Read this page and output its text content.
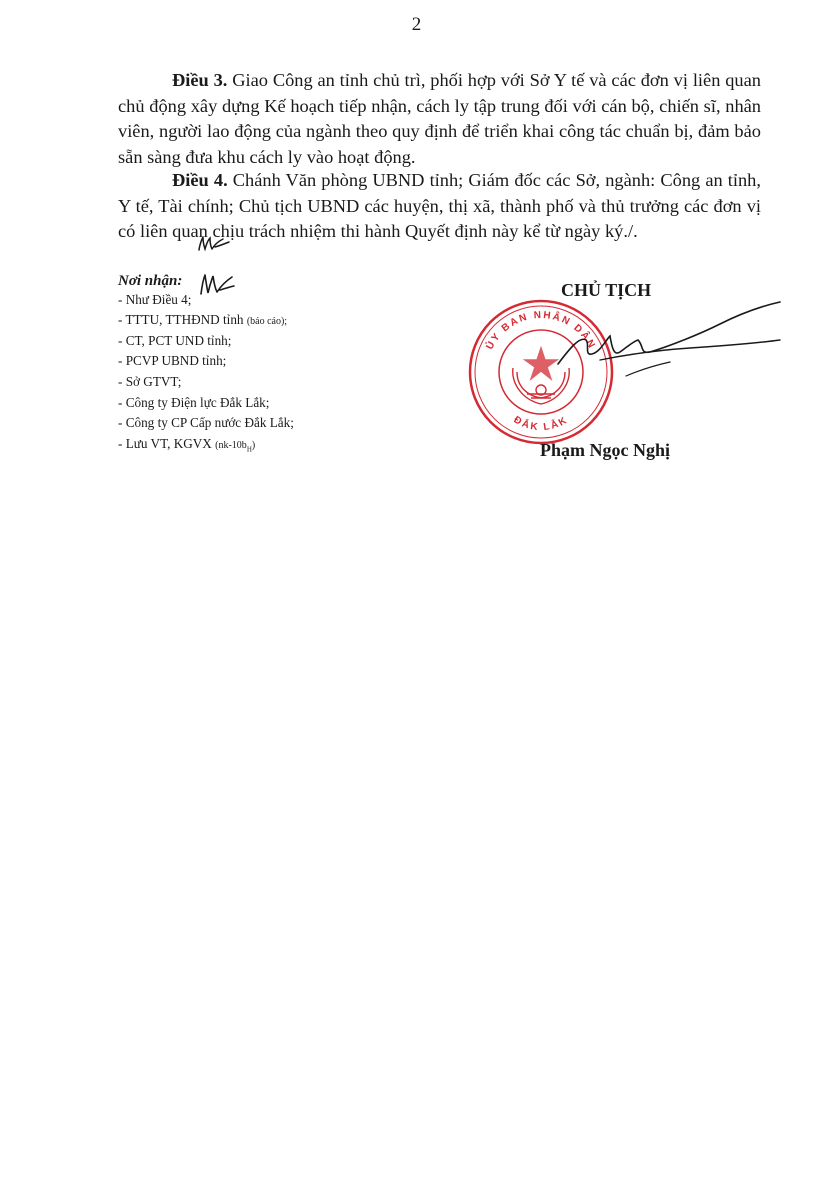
2

Điều 3. Giao Công an tỉnh chủ trì, phối hợp với Sở Y tế và các đơn vị liên quan chủ động xây dựng Kế hoạch tiếp nhận, cách ly tập trung đối với cán bộ, chiến sĩ, nhân viên, người lao động của ngành theo quy định để triển khai công tác chuẩn bị, đảm bảo sẵn sàng đưa khu cách ly vào hoạt động.

Điều 4. Chánh Văn phòng UBND tỉnh; Giám đốc các Sở, ngành: Công an tỉnh, Y tế, Tài chính; Chủ tịch UBND các huyện, thị xã, thành phố và thủ trưởng các đơn vị có liên quan chịu trách nhiệm thi hành Quyết định này kể từ ngày ký./.

Nơi nhận:
- Như Điều 4;
- TTTU, TTHĐND tỉnh (báo cáo);
- CT, PCT UND tỉnh;
- PCVP UBND tỉnh;
- Sở GTVT;
- Công ty Điện lực Đắk Lắk;
- Công ty CP Cấp nước Đắk Lắk;
- Lưu VT, KGVX $(nk-10b_H)$
CHỦ TỊCH
ỦY BAN NHÂN DÂN
ĐẮK LẮK
Phạm Ngọc Nghị
